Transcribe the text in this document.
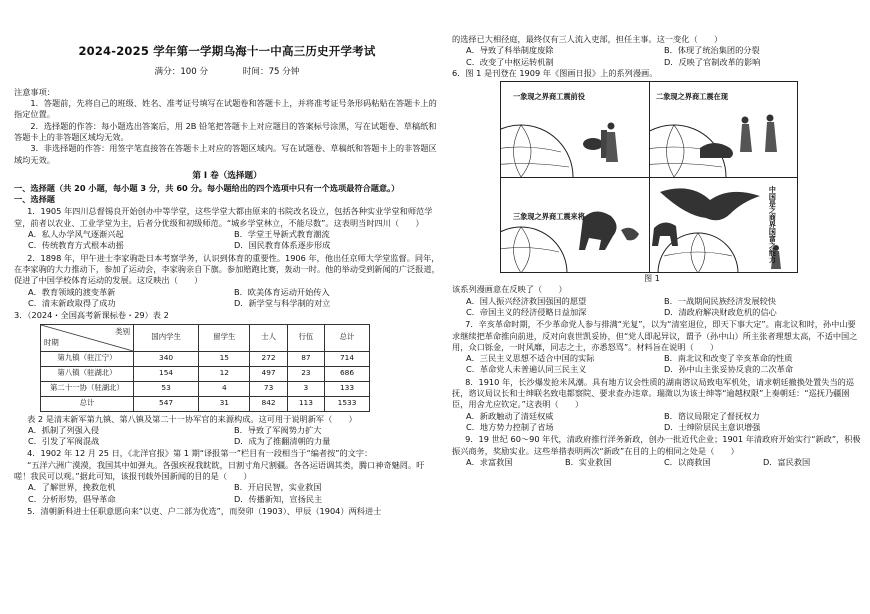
2024-2025 学年第一学期乌海十一中高三历史开学考试

满分：100 分	时间：75 分钟

注意事项：

1．答题前，先将自己的班级、姓名、准考证号填写在试题卷和答题卡上，并将准考证号条形码粘贴在答题卡上的指定位置。

2．选择题的作答：每小题选出答案后，用 2B 铅笔把答题卡上对应题目的答案标号涂黑，写在试题卷、草稿纸和答题卡上的非答题区域均无效。

3．非选择题的作答：用签字笔直接答在答题卡上对应的答题区域内。写在试题卷、草稿纸和答题卡上的非答题区域均无效。

第 I 卷（选择题）

一、选择题（共 20 小题，每小题 3 分，共 60 分。每小题给出的四个选项中只有一个选项最符合题意。）

一、选择题

1．1905 年四川总督锡良开始创办中等学堂，这些学堂大都由原来的书院改名设立，包括各种实业学堂和师范学堂，前者以农业、工业学堂为主，后者分优级和初级师范。“城乡学堂林立，不能尽数”。这表明当时四川（　　）

A．私人办学风气逐渐兴起	B．学堂王导新式教育潮流
C．传统教育方式根本动摇	D．国民教育体系逐步形成

2．1898 年，甲午进士李家驹赴日本考察学务，认识到体育的重要性。1906 年，他出任京师大学堂监督。同年，在李家驹的大力推动下，参加了运动会，李家驹亲自下旗。参加赔跑比赛，轰动一时。他的举动受到新闻的广泛报道，促进了中国学校体育运动的发展。这反映出（　　）

A．教育领域的渡变革新	B．欧美体育运动开始传入
C．清末新政取得了成功	D．新学堂与科学制的对立

3．（2024・全国高考新课标卷・29）表 2

类别
时期	国内学生	留学生	士人	行伍	总计
第九镇（驻江宁）	340	15	272	87	714
第八镇（驻湖北）	154	12	497	23	686
第二十一协（驻湖北）	53	4	73	3	133
总计	547	31	842	113	1533

表 2 是清末新军第九镇、第八镇及第二十一协军官的来源构成。这可用于说明新军（　　）

A．抓制了列强入侵	B．导致了军阀势力扩大
C．引发了军阀混战	D．成为了推翻清朝的力量

4．1902 年 12 月 25 日，《北洋官报》第 1 期“译报第一”栏目有一段相当于“编者按”的文字：

“五洋六洲广漠漠，我国其中如弹丸。各强疾视我眈眈，日割寸角尺割疆。各各运语调其类，腾口神奇魅罔。吁嗟！我民可以观。”据此可知，该报刊载外国新闻的目的是（　　）

A．了解世界，挽救危机	B．开启民智，实业救国
C．分析形势，倡导革命	D．传播新知，宣扬民主

5．清朝新科进士任职意愿向来“以吏、户二部为优选”，而癸卯（1903）、甲辰（1904）两科进士

的选择已大相径庭，最终仅有三人流入吏部，担任主事。这一变化（　　）

A．导致了科举制度废除	B．体现了统治集团的分裂
C．改变了中枢运转机制	D．反映了官制改革的影响

6．图 1 是刊登在 1909 年《图画日报》上的系列漫画。

一象现之界商工震前役	二象现之界商工震在现
三象现之界商工震来将	中国是之商界国富之能力

图 1

该系列漫画意在反映了（　　）

A．国人振兴经济救国强国的愿望	B．一战期间民族经济发展较快
C．帝国主义的经济侵略日益加深	D．清政府解决财政危机的信心

7．辛亥革命时期，不少革命党人参与排满“光复”，以为“清室退位，即天下事大定”。南北议和时，孙中山要求继续把革命推向前进，反对向袁世凯妥协，但“党人即起异议，谓予（孙中山）所主张者理想太高，不适中国之用，众口铄金，一时风靡，同志之士，亦悉怒骂”。材料旨在说明（　　）

A．三民主义思想不适合中国的实际	B．南北议和改变了辛亥革命的性质
C．革命党人未普遍认同三民主义	D．孙中山主张妥协反袁的二次革命

8．1910 年，长沙爆发抢米风潮。具有地方议会性质的湖南谘议局致电军机处，请求朝廷撤换处置失当的巡抚，谘议局议长和士绅联名致电都察院、要求查办违章。瑞澂以为该士绅等“逾越权限”上奏朝廷：“巡抚乃疆圉臣，用舍尤应钦定。”这表明（　　）

A．新政触动了清廷权威	B．谘议局限定了督抚权力
C．地方势力控制了省场	D．士绅阶层民主意识增强

9．19 世纪 60～90 年代，清政府推行洋务新政，创办一批近代企业；1901 年清政府开始实行“新政”，积极振兴商务，奖励实业。这些举措表明两次“新政”在目的上的相同之处是（　　）

A．求富救国	B．实业救国	C．以商救国	D．富民救国
